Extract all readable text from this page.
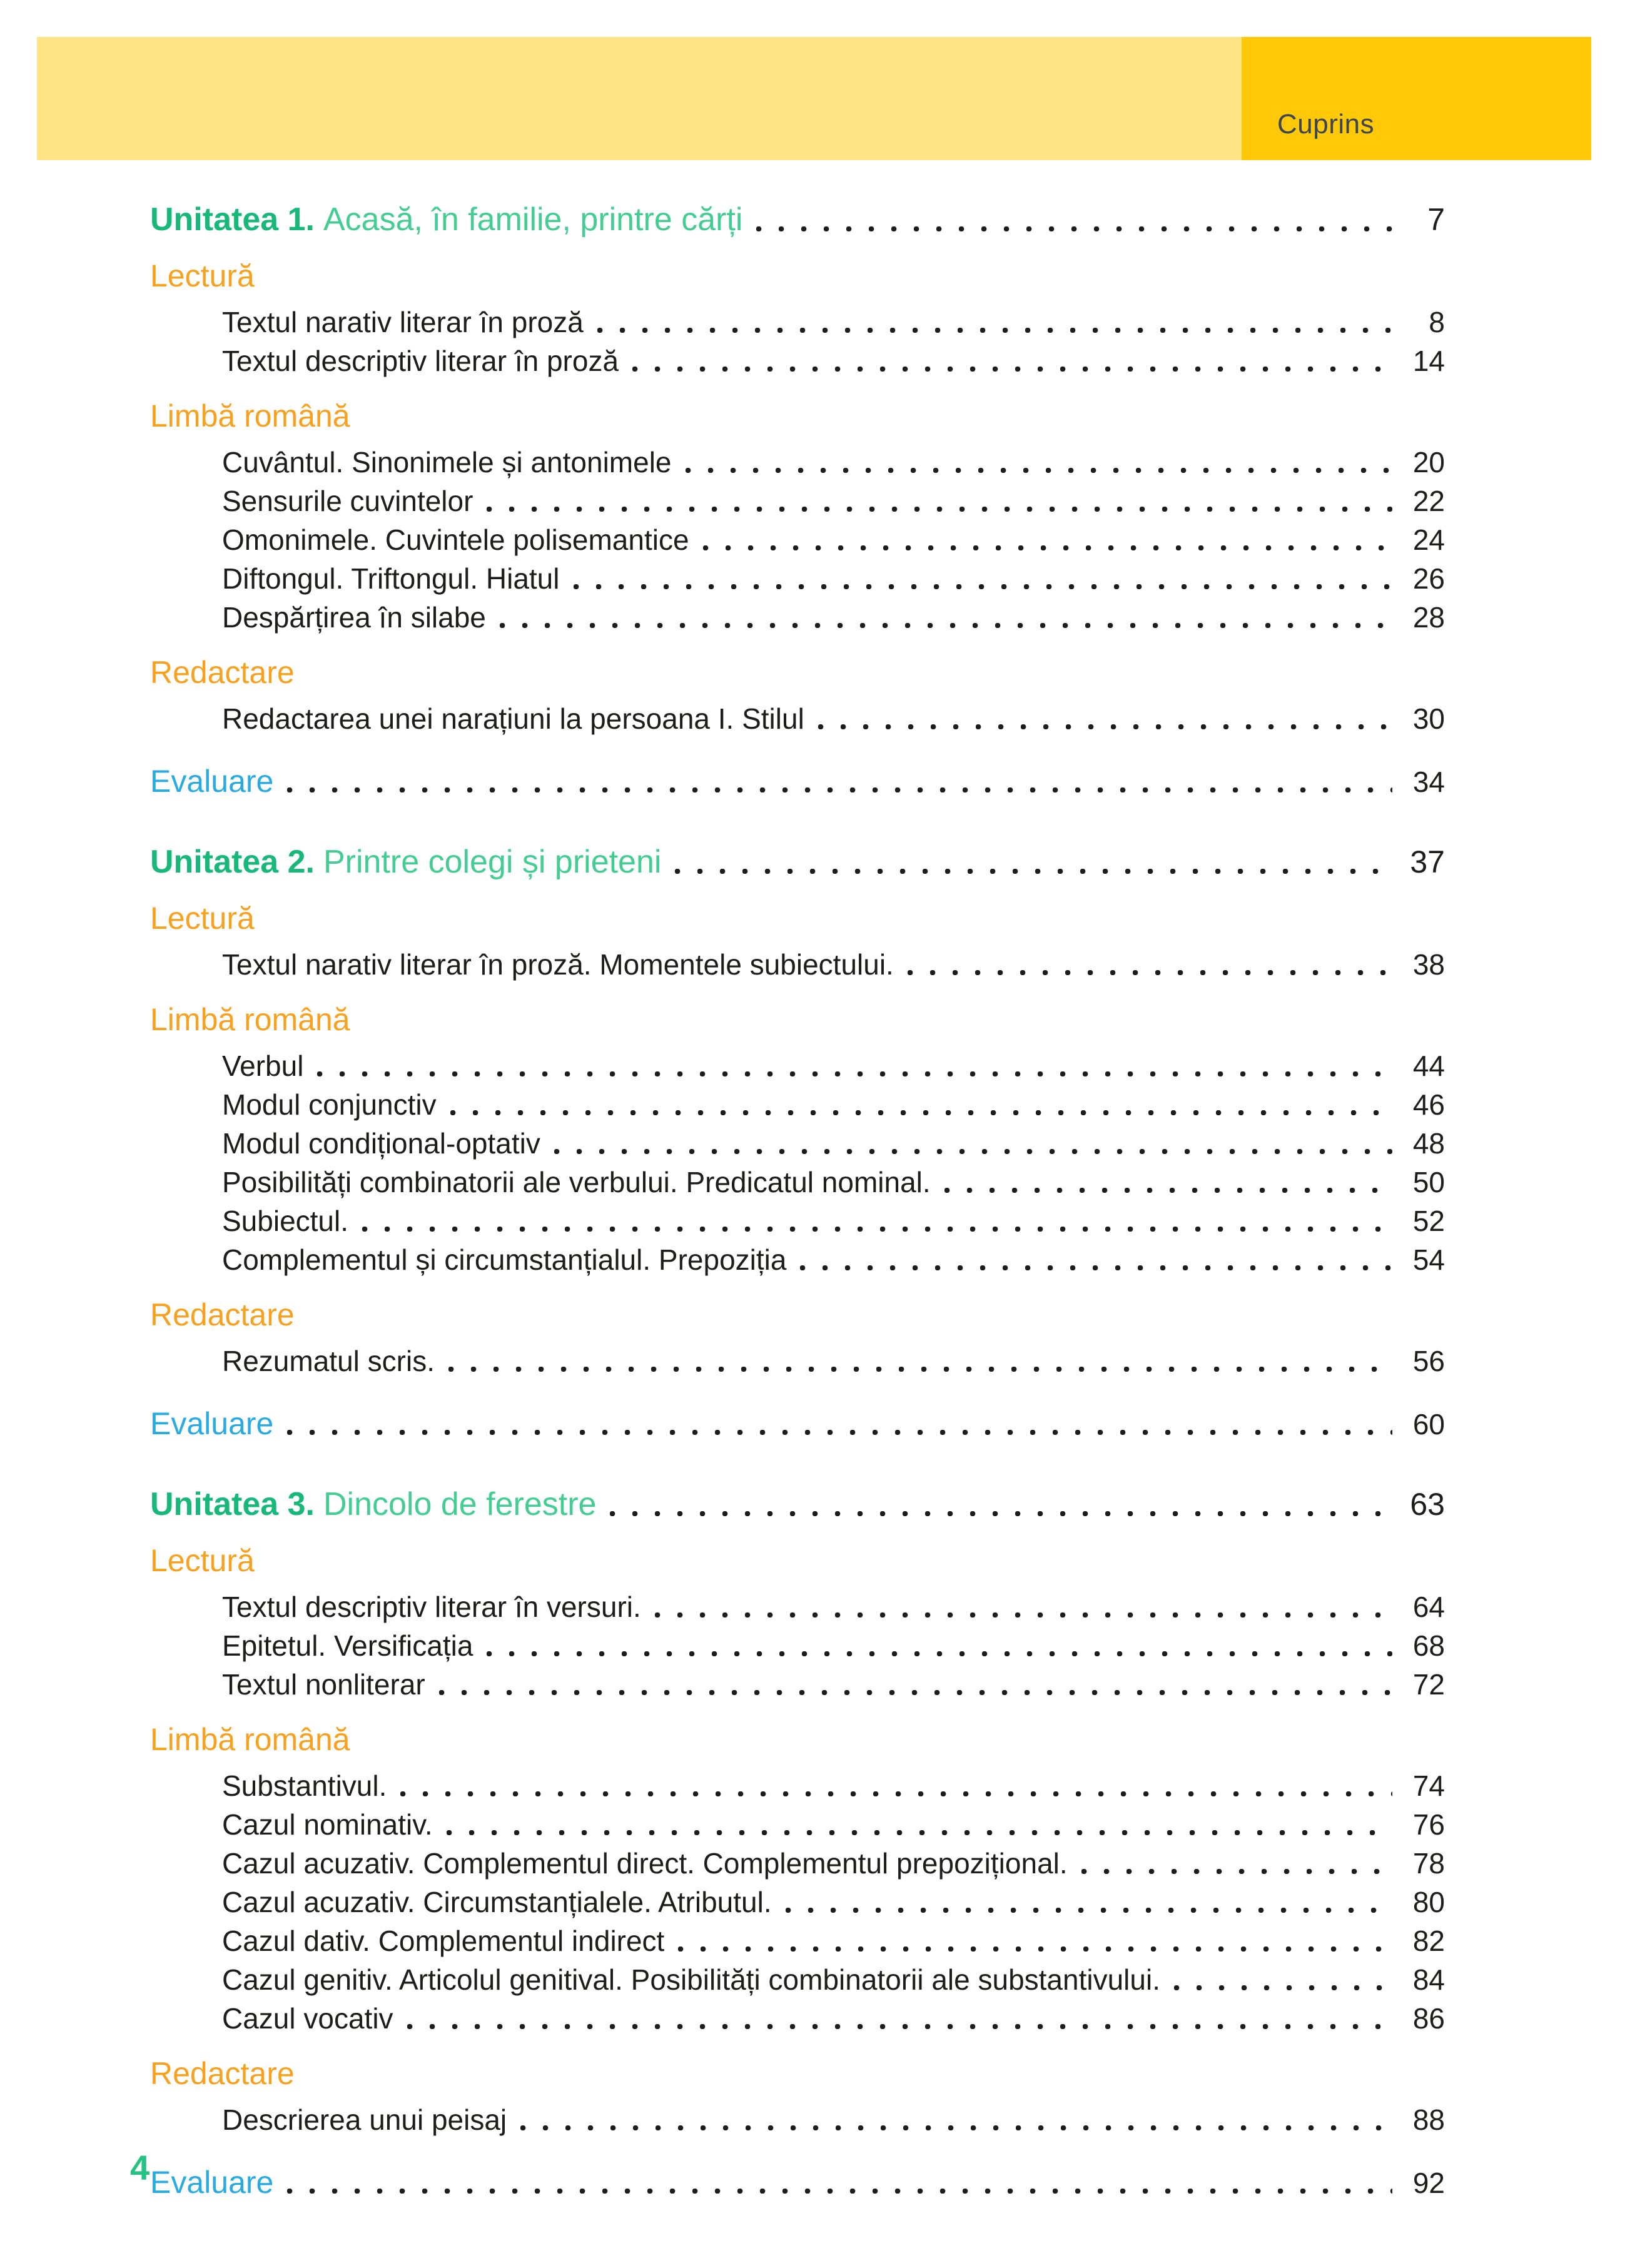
Cuprins
Unitatea 1. Acasă, în familie, printre cărți	7
Lectură
Textul narativ literar în proză	8
Textul descriptiv literar în proză	14
Limbă română
Cuvântul. Sinonimele și antonimele	20
Sensurile cuvintelor	22
Omonimele. Cuvintele polisemantice	24
Diftongul. Triftongul. Hiatul	26
Despărțirea în silabe	28
Redactare
Redactarea unei narațiuni la persoana I. Stilul	30
Evaluare	34
Unitatea 2. Printre colegi și prieteni	37
Lectură
Textul narativ literar în proză. Momentele subiectului.	38
Limbă română
Verbul	44
Modul conjunctiv	46
Modul condițional-optativ	48
Posibilități combinatorii ale verbului. Predicatul nominal.	50
Subiectul.	52
Complementul și circumstanțialul. Prepoziția	54
Redactare
Rezumatul scris.	56
Evaluare	60
Unitatea 3. Dincolo de ferestre	63
Lectură
Textul descriptiv literar în versuri.	64
Epitetul. Versificația	68
Textul nonliterar	72
Limbă română
Substantivul.	74
Cazul nominativ.	76
Cazul acuzativ. Complementul direct. Complementul prepozițional.	78
Cazul acuzativ. Circumstanțialele. Atributul.	80
Cazul dativ. Complementul indirect	82
Cazul genitiv. Articolul genitival. Posibilități combinatorii ale substantivului.	84
Cazul vocativ	86
Redactare
Descrierea unui peisaj	88
Evaluare	92
4
